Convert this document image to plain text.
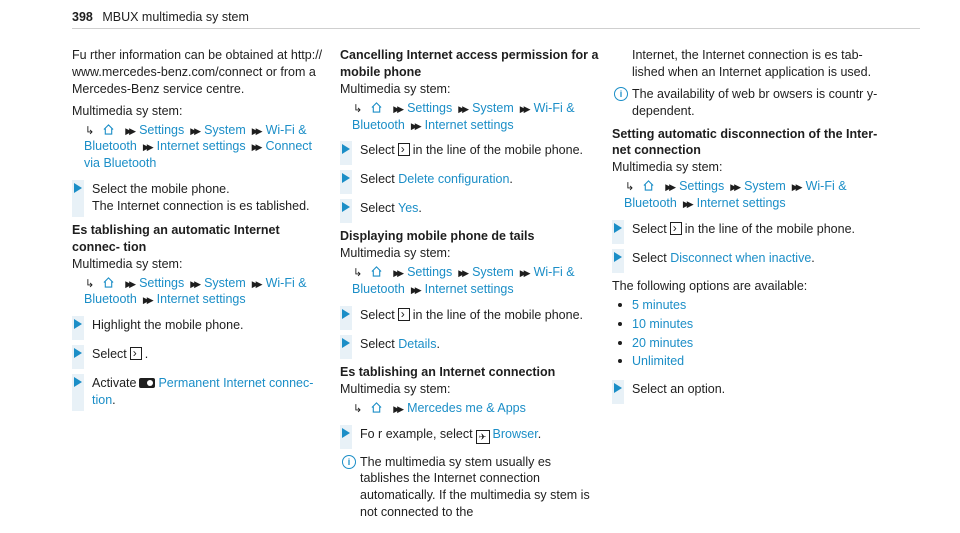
398 MBUX multimedia sy stem

Fu rther information can be obtained at http:// www.mercedes-benz.com/connect or from a Mercedes-Benz service centre.

Multimedia sy stem:

↳	▶▶ Settings ▶▶ System ▶▶ Wi-Fi & Bluetooth ▶▶ Internet settings ▶▶ Connect via Bluetooth
Select the mobile phone.
The Internet connection is es tablished.

Es tablishing an automatic Internet connec‐ tion

Multimedia sy stem:

↳	▶▶ Settings ▶▶ System ▶▶ Wi-Fi & Bluetooth ▶▶ Internet settings
Highlight the mobile phone.
Select › .
Activate Permanent Internet connec‐ tion.

Cancelling Internet access permission for a mobile phone

Multimedia sy stem:

↳	▶▶ Settings ▶▶ System ▶▶ Wi-Fi & Bluetooth ▶▶ Internet settings
Select › in the line of the mobile phone.
Select Delete configuration.
Select Yes.

Displaying mobile phone de tails

Multimedia sy stem:

↳	▶▶ Settings ▶▶ System ▶▶ Wi-Fi & Bluetooth ▶▶ Internet settings
Select › in the line of the mobile phone.
Select Details.

Es tablishing an Internet connection

Multimedia sy stem:

↳	▶▶ Mercedes me & Apps
Fo r example, select ✈ Browser.
i The multimedia sy stem usually es tablishes the Internet connection automatically. If the multimedia sy stem is not connected to the

Internet, the Internet connection is es tab‐ lished when an Internet application is used.

i The availability of web br owsers is countr y- dependent.

Setting automatic disconnection of the Inter‐ net connection

Multimedia sy stem:

↳	▶▶ Settings ▶▶ System ▶▶ Wi-Fi & Bluetooth ▶▶ Internet settings
Select › in the line of the mobile phone.
Select Disconnect when inactive.

The following options are available:

5 minutes
10 minutes
20 minutes
Unlimited
Select an option.
